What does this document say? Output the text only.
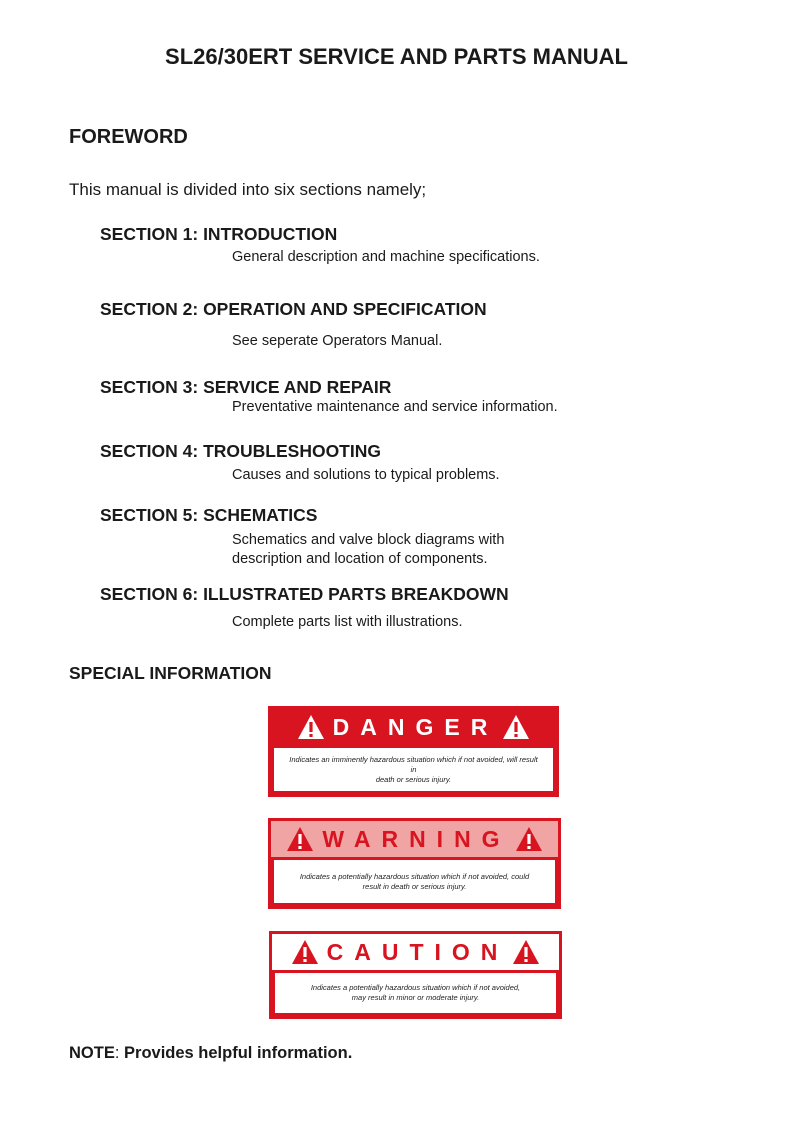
SL26/30ERT SERVICE AND PARTS MANUAL
FOREWORD
This manual is divided into six sections namely;
SECTION 1: INTRODUCTION
General description and machine specifications.
SECTION 2: OPERATION AND SPECIFICATION
See seperate Operators Manual.
SECTION 3: SERVICE AND REPAIR
Preventative maintenance and service information.
SECTION 4: TROUBLESHOOTING
Causes and solutions to typical problems.
SECTION 5: SCHEMATICS
Schematics and valve block diagrams with
description and location of components.
SECTION 6: ILLUSTRATED PARTS BREAKDOWN
Complete parts list with illustrations.
SPECIAL INFORMATION
DANGER
Indicates an imminently hazardous situation which if not avoided, will result in
death or serious injury.
WARNING
Indicates a potentially hazardous situation which if not avoided, could
result in death or serious injury.
CAUTION
Indicates a potentially hazardous situation which if not avoided,
may result in minor or moderate injury.
NOTE: Provides helpful information.
